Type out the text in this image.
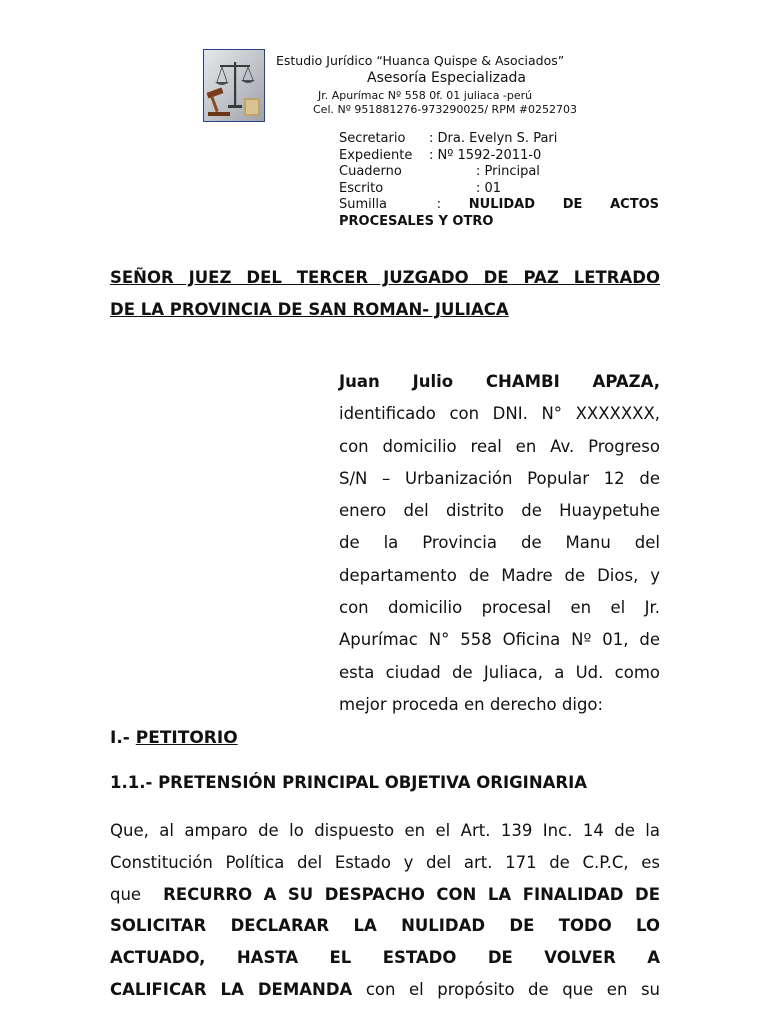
Estudio Jurídico “Huanca Quispe & Asociados”
Asesoría Especializada
Jr. Apurímac Nº 558 0f. 01 juliaca -perú
Cel. Nº 951881276-973290025/ RPM #0252703
Secretario : Dra. Evelyn S. Pari
Expediente : Nº 1592-2011-0
Cuaderno	: Principal
Escrito	: 01
Sumilla	: NULIDAD DE ACTOS
PROCESALES Y OTRO
SEÑOR JUEZ DEL TERCER JUZGADO DE PAZ LETRADO
DE LA PROVINCIA DE SAN ROMAN- JULIACA
Juan Julio CHAMBI APAZA,
identificado con DNI. N° XXXXXXX,
con domicilio real en Av. Progreso
S/N – Urbanización Popular 12 de
enero del distrito de Huaypetuhe
de la Provincia de Manu del
departamento de Madre de Dios, y
con domicilio procesal en el Jr.
Apurímac N° 558 Oficina Nº 01, de
esta ciudad de Juliaca, a Ud. como
mejor proceda en derecho digo:
I.- PETITORIO
1.1.- PRETENSIÓN PRINCIPAL OBJETIVA ORIGINARIA
Que, al amparo de lo dispuesto en el Art. 139 Inc. 14 de la
Constitución Política del Estado y del art. 171 de C.P.C, es
que RECURRO A SU DESPACHO CON LA FINALIDAD DE
SOLICITAR DECLARAR LA NULIDAD DE TODO LO
ACTUADO, HASTA EL ESTADO DE VOLVER A
CALIFICAR LA DEMANDA con el propósito de que en su
